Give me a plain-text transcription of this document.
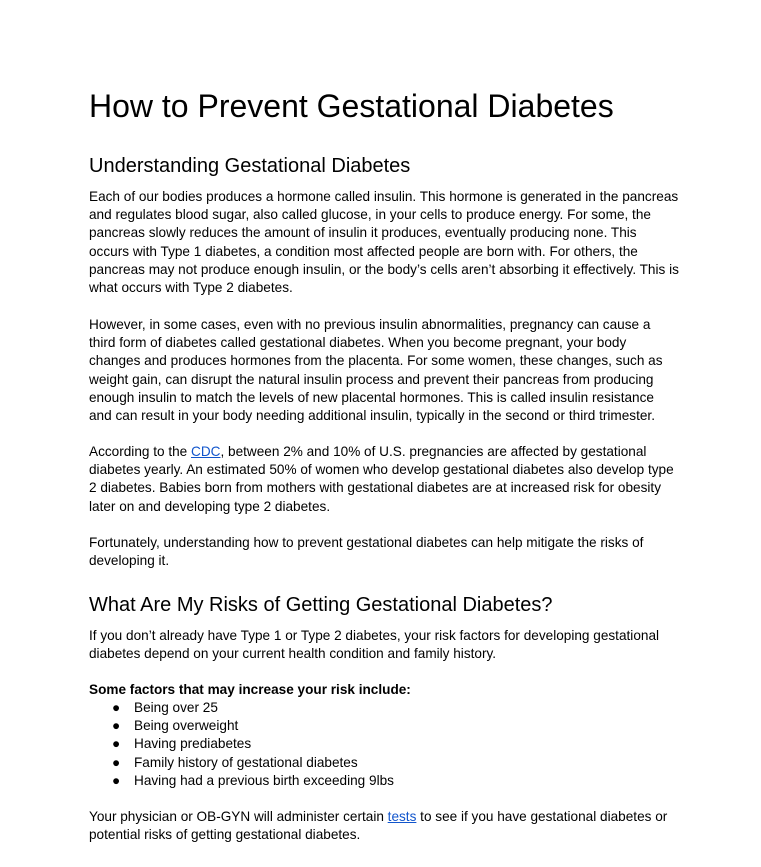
How to Prevent Gestational Diabetes
Understanding Gestational Diabetes

Each of our bodies produces a hormone called insulin. This hormone is generated in the pancreas and regulates blood sugar, also called glucose, in your cells to produce energy. For some, the pancreas slowly reduces the amount of insulin it produces, eventually producing none. This occurs with Type 1 diabetes, a condition most affected people are born with. For others, the pancreas may not produce enough insulin, or the body’s cells aren’t absorbing it effectively. This is what occurs with Type 2 diabetes.

However, in some cases, even with no previous insulin abnormalities, pregnancy can cause a third form of diabetes called gestational diabetes. When you become pregnant, your body changes and produces hormones from the placenta. For some women, these changes, such as weight gain, can disrupt the natural insulin process and prevent their pancreas from producing enough insulin to match the levels of new placental hormones. This is called insulin resistance and can result in your body needing additional insulin, typically in the second or third trimester.

According to the CDC, between 2% and 10% of U.S. pregnancies are affected by gestational diabetes yearly. An estimated 50% of women who develop gestational diabetes also develop type 2 diabetes. Babies born from mothers with gestational diabetes are at increased risk for obesity later on and developing type 2 diabetes.

Fortunately, understanding how to prevent gestational diabetes can help mitigate the risks of developing it.

What Are My Risks of Getting Gestational Diabetes?

If you don’t already have Type 1 or Type 2 diabetes, your risk factors for developing gestational diabetes depend on your current health condition and family history.

Some factors that may increase your risk include:
● Being over 25
● Being overweight
● Having prediabetes
● Family history of gestational diabetes
● Having had a previous birth exceeding 9lbs

Your physician or OB-GYN will administer certain tests to see if you have gestational diabetes or potential risks of getting gestational diabetes.
